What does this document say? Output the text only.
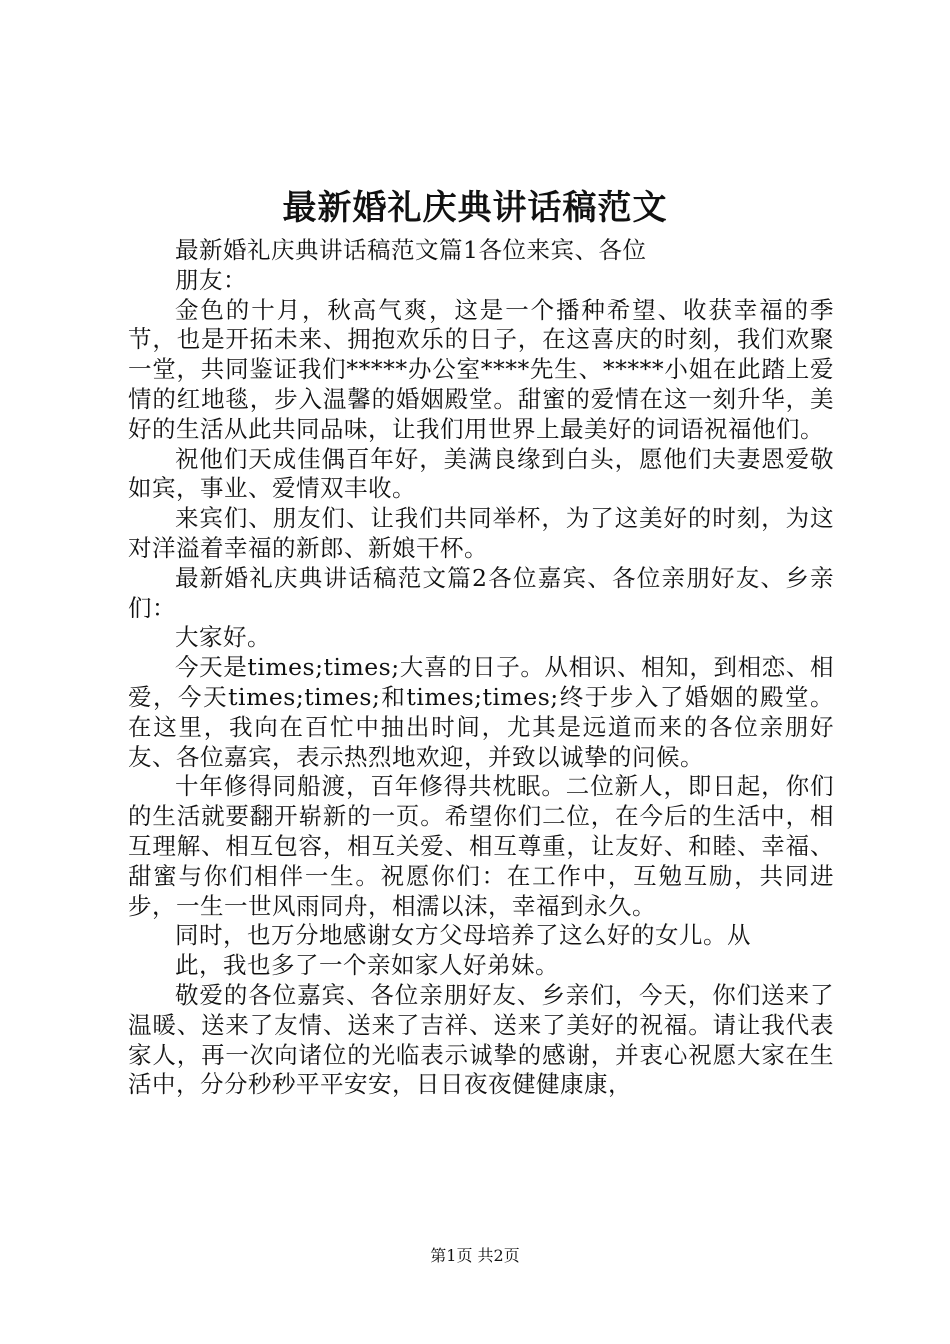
最新婚礼庆典讲话稿范文

最新婚礼庆典讲话稿范文篇1各位来宾、各位

朋友：

金色的十月，秋高气爽，这是一个播种希望、收获幸福的季节，也是开拓未来、拥抱欢乐的日子，在这喜庆的时刻，我们欢聚一堂，共同鉴证我们*****办公室****先生、*****小姐在此踏上爱情的红地毯，步入温馨的婚姻殿堂。甜蜜的爱情在这一刻升华，美好的生活从此共同品味，让我们用世界上最美好的词语祝福他们。

祝他们天成佳偶百年好，美满良缘到白头，愿他们夫妻恩爱敬如宾，事业、爱情双丰收。

来宾们、朋友们、让我们共同举杯，为了这美好的时刻，为这对洋溢着幸福的新郎、新娘干杯。

最新婚礼庆典讲话稿范文篇2各位嘉宾、各位亲朋好友、乡亲们：

大家好。

今天是times;times;大喜的日子。从相识、相知，到相恋、相爱，今天times;times;和times;times;终于步入了婚姻的殿堂。在这里，我向在百忙中抽出时间，尤其是远道而来的各位亲朋好友、各位嘉宾，表示热烈地欢迎，并致以诚挚的问候。

十年修得同船渡，百年修得共枕眠。二位新人，即日起，你们的生活就要翻开崭新的一页。希望你们二位，在今后的生活中，相互理解、相互包容，相互关爱、相互尊重，让友好、和睦、幸福、甜蜜与你们相伴一生。祝愿你们：在工作中，互勉互励，共同进步，一生一世风雨同舟，相濡以沫，幸福到永久。

同时，也万分地感谢女方父母培养了这么好的女儿。从

此，我也多了一个亲如家人好弟妹。

敬爱的各位嘉宾、各位亲朋好友、乡亲们，今天，你们送来了温暖、送来了友情、送来了吉祥、送来了美好的祝福。请让我代表家人，再一次向诸位的光临表示诚挚的感谢，并衷心祝愿大家在生活中，分分秒秒平平安安，日日夜夜健健康康，

第1页 共2页
